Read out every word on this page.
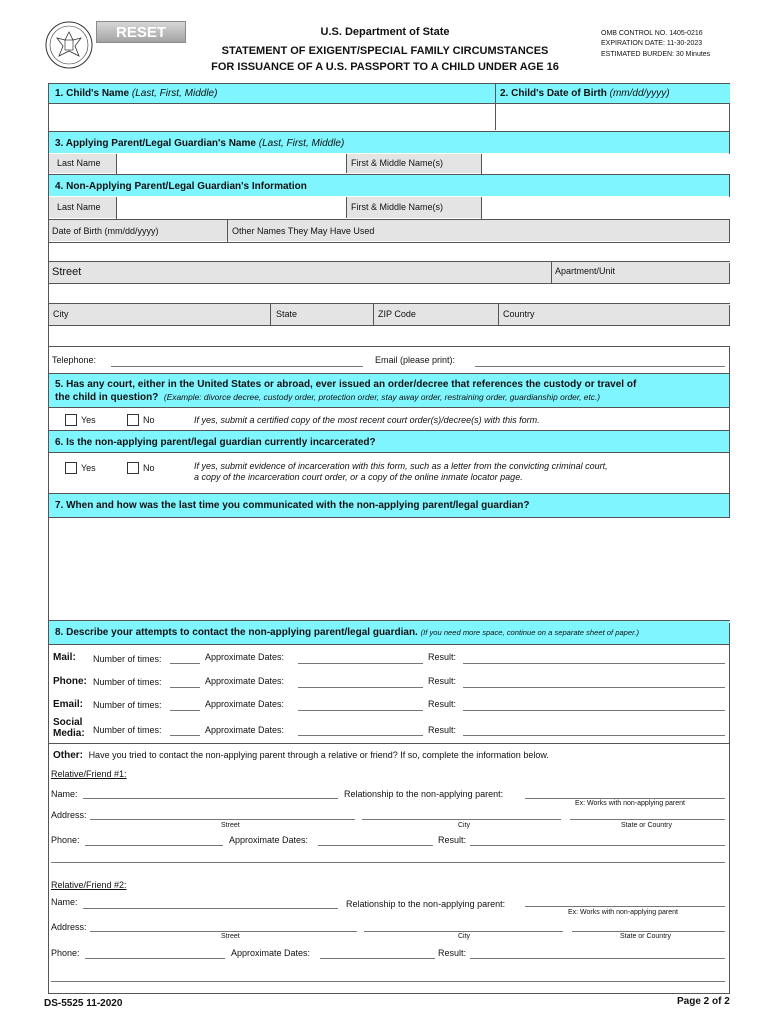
RESET	U.S. Department of State
STATEMENT OF EXIGENT/SPECIAL FAMILY CIRCUMSTANCES
FOR ISSUANCE OF A U.S. PASSPORT TO A CHILD UNDER AGE 16
OMB CONTROL NO. 1405-0216
EXPIRATION DATE: 11-30-2023
ESTIMATED BURDEN: 30 Minutes
1. Child's Name (Last, First, Middle)	2. Child's Date of Birth (mm/dd/yyyy)
3. Applying Parent/Legal Guardian's Name (Last, First, Middle)
Last Name	First & Middle Name(s)
4. Non-Applying Parent/Legal Guardian's Information
Last Name	First & Middle Name(s)
Date of Birth (mm/dd/yyyy)	Other Names They May Have Used
Street	Apartment/Unit
City	State	ZIP Code	Country
Telephone:	Email (please print):
5. Has any court, either in the United States or abroad, ever issued an order/decree that references the custody or travel of
the child in question? (Example: divorce decree, custody order, protection order, stay away order, restraining order, guardianship order, etc.)
Yes	No	If yes, submit a certified copy of the most recent court order(s)/decree(s) with this form.
6. Is the non-applying parent/legal guardian currently incarcerated?
Yes	No	If yes, submit evidence of incarceration with this form, such as a letter from the convicting criminal court,
a copy of the incarceration court order, or a copy of the online inmate locator page.
7. When and how was the last time you communicated with the non-applying parent/legal guardian?
8. Describe your attempts to contact the non-applying parent/legal guardian. (If you need more space, continue on a separate sheet of paper.)
Mail: Number of times:	Approximate Dates:	Result:
Phone: Number of times:	Approximate Dates:	Result:
Email: Number of times:	Approximate Dates:	Result:
Social Media: Number of times:	Approximate Dates:	Result:
Other: Have you tried to contact the non-applying parent through a relative or friend? If so, complete the information below.
Relative/Friend #1:
Name:	Relationship to the non-applying parent:
Ex: Works with non-applying parent
Address:
Street	City	State or Country
Phone:	Approximate Dates:	Result:
Relative/Friend #2:
Name:	Relationship to the non-applying parent:
Ex: Works with non-applying parent
Address:
Street	City	State or Country
Phone:	Approximate Dates:	Result:
DS-5525 11-2020	Page 2 of 2
